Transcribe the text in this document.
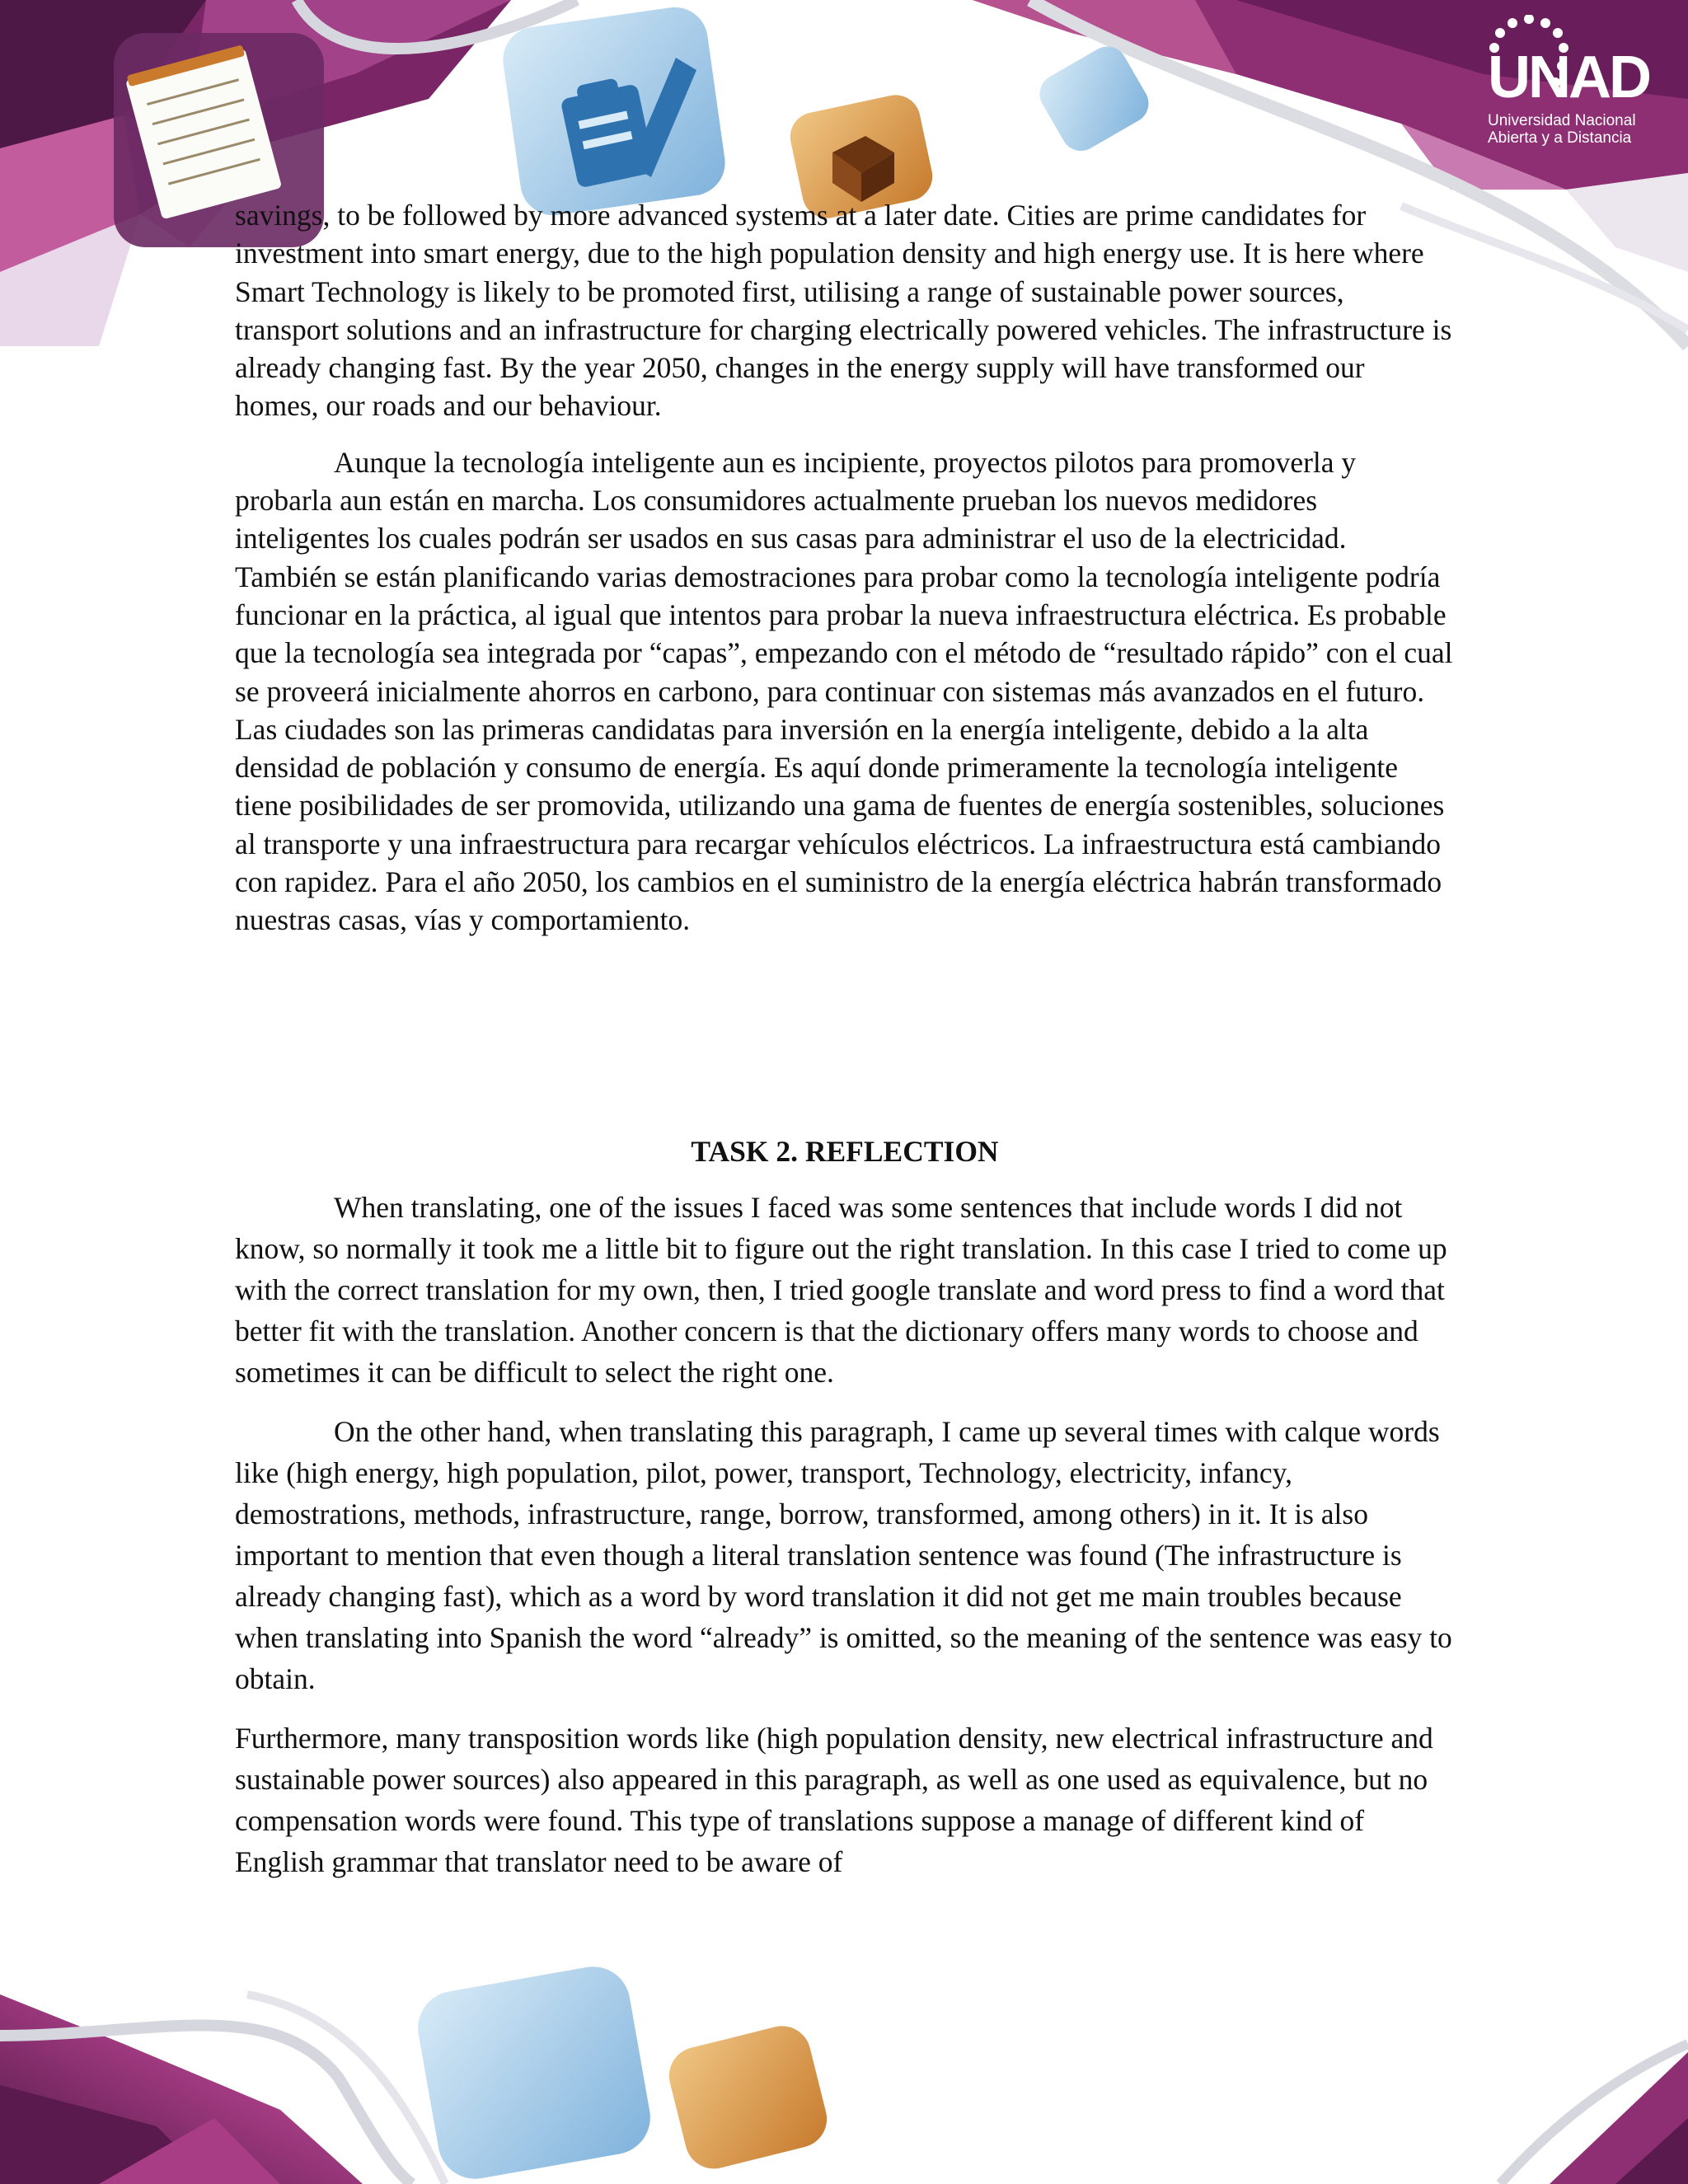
UNAD
Universidad Nacional
Abierta y a Distancia

savings, to be followed by more advanced systems at a later date. Cities are prime candidates for investment into smart energy, due to the high population density and high energy use. It is here where Smart Technology is likely to be promoted first, utilising a range of sustainable power sources, transport solutions and an infrastructure for charging electrically powered vehicles. The infrastructure is already changing fast. By the year 2050, changes in the energy supply will have transformed our homes, our roads and our behaviour.

Aunque la tecnología inteligente aun es incipiente, proyectos pilotos para promoverla y probarla aun están en marcha. Los consumidores actualmente prueban los nuevos medidores inteligentes los cuales podrán ser usados en sus casas para administrar el uso de la electricidad. También se están planificando varias demostraciones para probar como la tecnología inteligente podría funcionar en la práctica, al igual que intentos para probar la nueva infraestructura eléctrica. Es probable que la tecnología sea integrada por “capas”, empezando con el método de “resultado rápido” con el cual se proveerá inicialmente ahorros en carbono, para continuar con sistemas más avanzados en el futuro. Las ciudades son las primeras candidatas para inversión en la energía inteligente, debido a la alta densidad de población y consumo de energía. Es aquí donde primeramente la tecnología inteligente tiene posibilidades de ser promovida, utilizando una gama de fuentes de energía sostenibles, soluciones al transporte y una infraestructura para recargar vehículos eléctricos. La infraestructura está cambiando con rapidez. Para el año 2050, los cambios en el suministro de la energía eléctrica habrán transformado nuestras casas, vías y comportamiento.

TASK 2. REFLECTION

When translating, one of the issues I faced was some sentences that include words I did not know, so normally it took me a little bit to figure out the right translation. In this case I tried to come up with the correct translation for my own, then, I tried google translate and word press to find a word that better fit with the translation. Another concern is that the dictionary offers many words to choose and sometimes it can be difficult to select the right one.

On the other hand, when translating this paragraph, I came up several times with calque words like (high energy, high population, pilot, power, transport, Technology, electricity, infancy, demostrations, methods, infrastructure, range, borrow, transformed, among others) in it. It is also important to mention that even though a literal translation sentence was found (The infrastructure is already changing fast), which as a word by word translation it did not get me main troubles because when translating into Spanish the word “already” is omitted, so the meaning of the sentence was easy to obtain.

Furthermore, many transposition words like (high population density, new electrical infrastructure and sustainable power sources) also appeared in this paragraph, as well as one used as equivalence, but no compensation words were found. This type of translations suppose a manage of different kind of English grammar that translator need to be aware of
